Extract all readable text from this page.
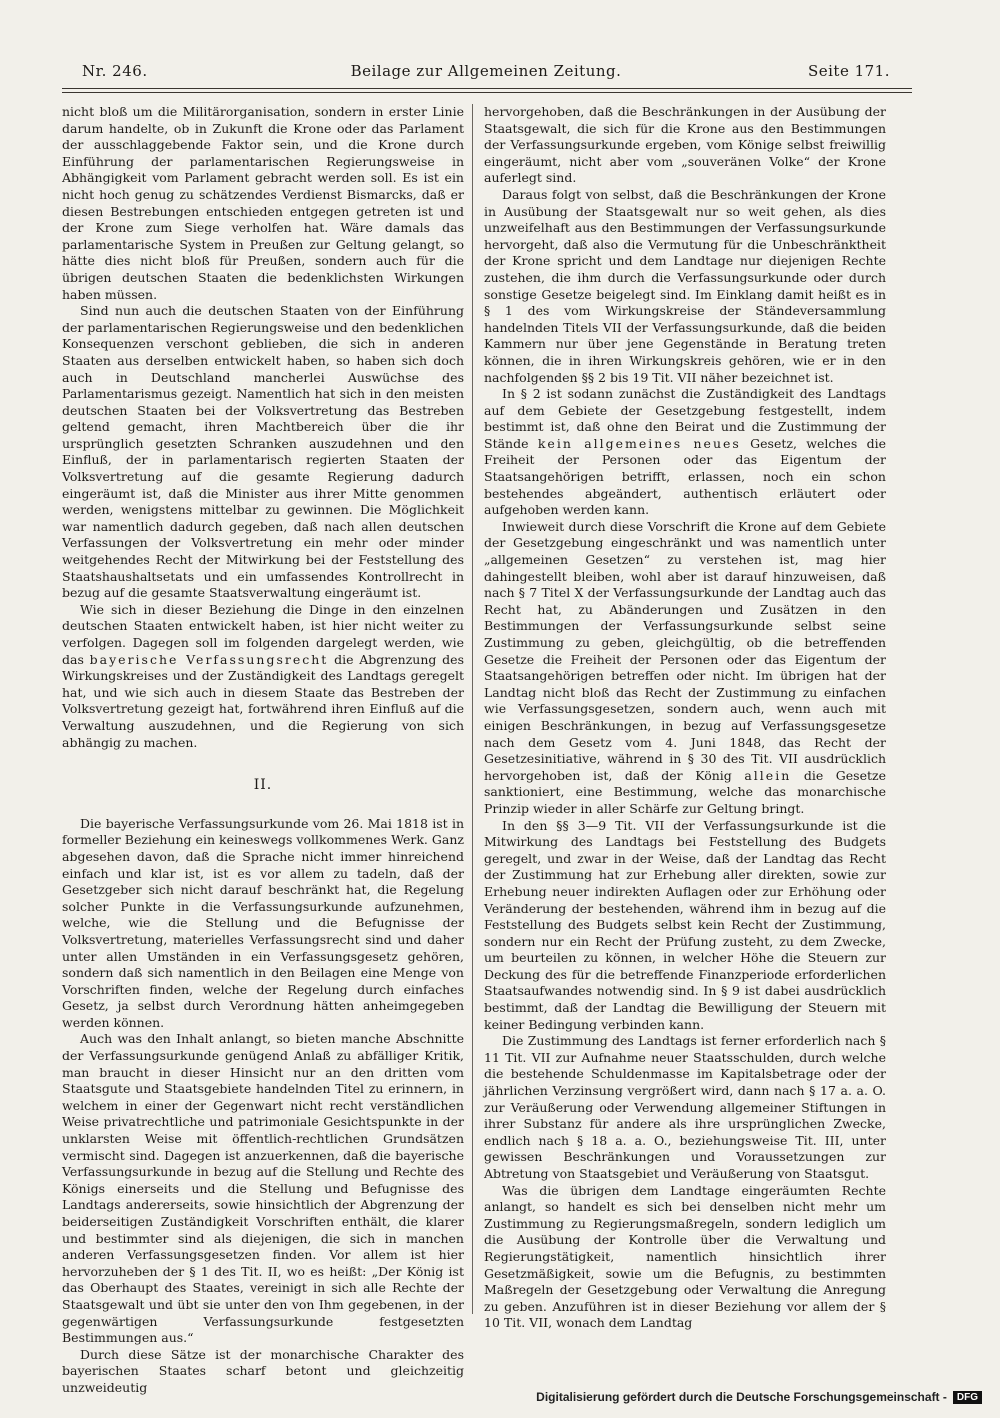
Nr. 246.	Beilage zur Allgemeinen Zeitung.	Seite 171.

nicht bloß um die Militärorganisation, sondern in erster Linie darum handelte, ob in Zukunft die Krone oder das Parlament der ausschlaggebende Faktor sein, und die Krone durch Einführung der parlamentarischen Regierungsweise in Abhängigkeit vom Parlament gebracht werden soll. Es ist ein nicht hoch genug zu schätzendes Verdienst Bismarcks, daß er diesen Bestrebungen entschieden entgegen getreten ist und der Krone zum Siege verholfen hat. Wäre damals das parlamentarische System in Preußen zur Geltung gelangt, so hätte dies nicht bloß für Preußen, sondern auch für die übrigen deutschen Staaten die bedenklichsten Wirkungen haben müssen.

Sind nun auch die deutschen Staaten von der Einführung der parlamentarischen Regierungsweise und den bedenklichen Konsequenzen verschont geblieben, die sich in anderen Staaten aus derselben entwickelt haben, so haben sich doch auch in Deutschland mancherlei Auswüchse des Parlamentarismus gezeigt. Namentlich hat sich in den meisten deutschen Staaten bei der Volksvertretung das Bestreben geltend gemacht, ihren Machtbereich über die ihr ursprünglich gesetzten Schranken auszudehnen und den Einfluß, der in parlamentarisch regierten Staaten der Volksvertretung auf die gesamte Regierung dadurch eingeräumt ist, daß die Minister aus ihrer Mitte genommen werden, wenigstens mittelbar zu gewinnen. Die Möglichkeit war namentlich dadurch gegeben, daß nach allen deutschen Verfassungen der Volksvertretung ein mehr oder minder weitgehendes Recht der Mitwirkung bei der Feststellung des Staatshaushaltsetats und ein umfassendes Kontrollrecht in bezug auf die gesamte Staatsverwaltung eingeräumt ist.

Wie sich in dieser Beziehung die Dinge in den einzelnen deutschen Staaten entwickelt haben, ist hier nicht weiter zu verfolgen. Dagegen soll im folgenden dargelegt werden, wie das bayerische Verfassungsrecht die Abgrenzung des Wirkungskreises und der Zuständigkeit des Landtags geregelt hat, und wie sich auch in diesem Staate das Bestreben der Volksvertretung gezeigt hat, fortwährend ihren Einfluß auf die Verwaltung auszudehnen, und die Regierung von sich abhängig zu machen.

II.

Die bayerische Verfassungsurkunde vom 26. Mai 1818 ist in formeller Beziehung ein keineswegs vollkommenes Werk. Ganz abgesehen davon, daß die Sprache nicht immer hinreichend einfach und klar ist, ist es vor allem zu tadeln, daß der Gesetzgeber sich nicht darauf beschränkt hat, die Regelung solcher Punkte in die Verfassungsurkunde aufzunehmen, welche, wie die Stellung und die Befugnisse der Volksvertretung, materielles Verfassungsrecht sind und daher unter allen Umständen in ein Verfassungsgesetz gehören, sondern daß sich namentlich in den Beilagen eine Menge von Vorschriften finden, welche der Regelung durch einfaches Gesetz, ja selbst durch Verordnung hätten anheimgegeben werden können.

Auch was den Inhalt anlangt, so bieten manche Abschnitte der Verfassungsurkunde genügend Anlaß zu abfälliger Kritik, man braucht in dieser Hinsicht nur an den dritten vom Staatsgute und Staatsgebiete handelnden Titel zu erinnern, in welchem in einer der Gegenwart nicht recht verständlichen Weise privatrechtliche und patrimoniale Gesichtspunkte in der unklarsten Weise mit öffentlich-rechtlichen Grundsätzen vermischt sind. Dagegen ist anzuerkennen, daß die bayerische Verfassungsurkunde in bezug auf die Stellung und Rechte des Königs einerseits und die Stellung und Befugnisse des Landtags andererseits, sowie hinsichtlich der Abgrenzung der beiderseitigen Zuständigkeit Vorschriften enthält, die klarer und bestimmter sind als diejenigen, die sich in manchen anderen Verfassungsgesetzen finden. Vor allem ist hier hervorzuheben der § 1 des Tit. II, wo es heißt: „Der König ist das Oberhaupt des Staates, vereinigt in sich alle Rechte der Staatsgewalt und übt sie unter den von Ihm gegebenen, in der gegenwärtigen Verfassungsurkunde festgesetzten Bestimmungen aus.“

Durch diese Sätze ist der monarchische Charakter des bayerischen Staates scharf betont und gleichzeitig unzweideutig

hervorgehoben, daß die Beschränkungen in der Ausübung der Staatsgewalt, die sich für die Krone aus den Bestimmungen der Verfassungsurkunde ergeben, vom Könige selbst freiwillig eingeräumt, nicht aber vom „souveränen Volke“ der Krone auferlegt sind.

Daraus folgt von selbst, daß die Beschränkungen der Krone in Ausübung der Staatsgewalt nur so weit gehen, als dies unzweifelhaft aus den Bestimmungen der Verfassungsurkunde hervorgeht, daß also die Vermutung für die Unbeschränktheit der Krone spricht und dem Landtage nur diejenigen Rechte zustehen, die ihm durch die Verfassungsurkunde oder durch sonstige Gesetze beigelegt sind. Im Einklang damit heißt es in § 1 des vom Wirkungskreise der Ständeversammlung handelnden Titels VII der Verfassungsurkunde, daß die beiden Kammern nur über jene Gegenstände in Beratung treten können, die in ihren Wirkungskreis gehören, wie er in den nachfolgenden §§ 2 bis 19 Tit. VII näher bezeichnet ist.

In § 2 ist sodann zunächst die Zuständigkeit des Landtags auf dem Gebiete der Gesetzgebung festgestellt, indem bestimmt ist, daß ohne den Beirat und die Zustimmung der Stände kein allgemeines neues Gesetz, welches die Freiheit der Personen oder das Eigentum der Staatsangehörigen betrifft, erlassen, noch ein schon bestehendes abgeändert, authentisch erläutert oder aufgehoben werden kann.

Inwieweit durch diese Vorschrift die Krone auf dem Gebiete der Gesetzgebung eingeschränkt und was namentlich unter „allgemeinen Gesetzen“ zu verstehen ist, mag hier dahingestellt bleiben, wohl aber ist darauf hinzuweisen, daß nach § 7 Titel X der Verfassungsurkunde der Landtag auch das Recht hat, zu Abänderungen und Zusätzen in den Bestimmungen der Verfassungsurkunde selbst seine Zustimmung zu geben, gleichgültig, ob die betreffenden Gesetze die Freiheit der Personen oder das Eigentum der Staatsangehörigen betreffen oder nicht. Im übrigen hat der Landtag nicht bloß das Recht der Zustimmung zu einfachen wie Verfassungsgesetzen, sondern auch, wenn auch mit einigen Beschränkungen, in bezug auf Verfassungsgesetze nach dem Gesetz vom 4. Juni 1848, das Recht der Gesetzesinitiative, während in § 30 des Tit. VII ausdrücklich hervorgehoben ist, daß der König allein die Gesetze sanktioniert, eine Bestimmung, welche das monarchische Prinzip wieder in aller Schärfe zur Geltung bringt.

In den §§ 3—9 Tit. VII der Verfassungsurkunde ist die Mitwirkung des Landtags bei Feststellung des Budgets geregelt, und zwar in der Weise, daß der Landtag das Recht der Zustimmung hat zur Erhebung aller direkten, sowie zur Erhebung neuer indirekten Auflagen oder zur Erhöhung oder Veränderung der bestehenden, während ihm in bezug auf die Feststellung des Budgets selbst kein Recht der Zustimmung, sondern nur ein Recht der Prüfung zusteht, zu dem Zwecke, um beurteilen zu können, in welcher Höhe die Steuern zur Deckung des für die betreffende Finanzperiode erforderlichen Staatsaufwandes notwendig sind. In § 9 ist dabei ausdrücklich bestimmt, daß der Landtag die Bewilligung der Steuern mit keiner Bedingung verbinden kann.

Die Zustimmung des Landtags ist ferner erforderlich nach § 11 Tit. VII zur Aufnahme neuer Staatsschulden, durch welche die bestehende Schuldenmasse im Kapitalsbetrage oder der jährlichen Verzinsung vergrößert wird, dann nach § 17 a. a. O. zur Veräußerung oder Verwendung allgemeiner Stiftungen in ihrer Substanz für andere als ihre ursprünglichen Zwecke, endlich nach § 18 a. a. O., beziehungsweise Tit. III, unter gewissen Beschränkungen und Voraussetzungen zur Abtretung von Staatsgebiet und Veräußerung von Staatsgut.

Was die übrigen dem Landtage eingeräumten Rechte anlangt, so handelt es sich bei denselben nicht mehr um Zustimmung zu Regierungsmaßregeln, sondern lediglich um die Ausübung der Kontrolle über die Verwaltung und Regierungstätigkeit, namentlich hinsichtlich ihrer Gesetzmäßigkeit, sowie um die Befugnis, zu bestimmten Maßregeln der Gesetzgebung oder Verwaltung die Anregung zu geben. Anzuführen ist in dieser Beziehung vor allem der § 10 Tit. VII, wonach dem Landtag

Digitalisierung gefördert durch die Deutsche Forschungsgemeinschaft -	DFG
